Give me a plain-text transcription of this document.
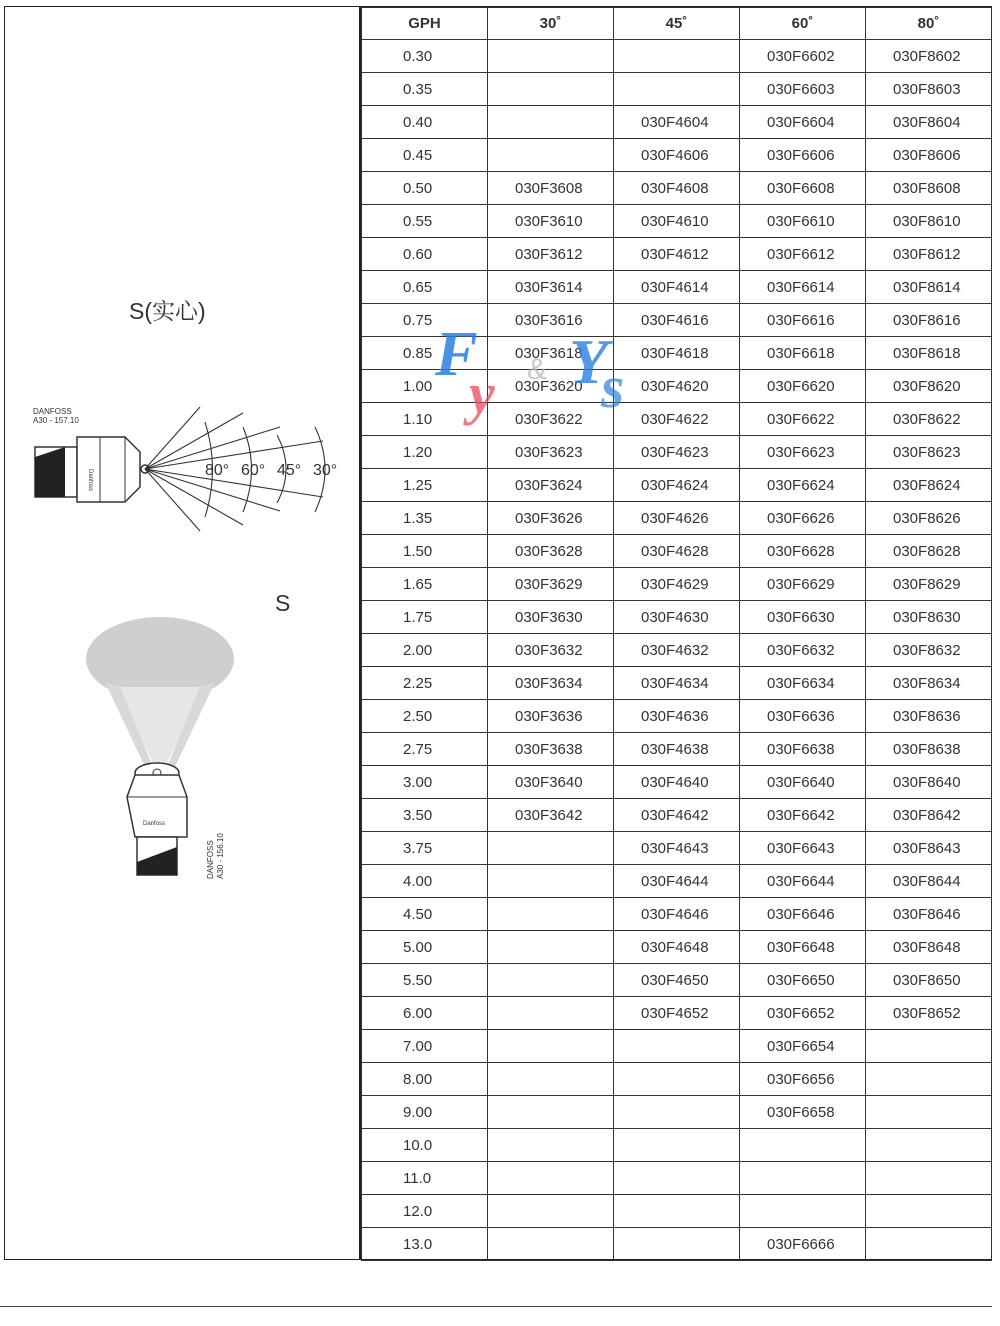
S(实心)
S
DANFOSS
A30 - 157.10
Danfoss	80° 60° 45° 30°
Danfoss
DANFOSS A30 - 156.10
GPH	30˚	45˚	60˚	80˚
0.30			030F6602	030F8602
0.35			030F6603	030F8603
0.40		030F4604	030F6604	030F8604
0.45		030F4606	030F6606	030F8606
0.50	030F3608	030F4608	030F6608	030F8608
0.55	030F3610	030F4610	030F6610	030F8610
0.60	030F3612	030F4612	030F6612	030F8612
0.65	030F3614	030F4614	030F6614	030F8614
0.75	030F3616	030F4616	030F6616	030F8616
0.85	030F3618	030F4618	030F6618	030F8618
1.00	030F3620	030F4620	030F6620	030F8620
1.10	030F3622	030F4622	030F6622	030F8622
1.20	030F3623	030F4623	030F6623	030F8623
1.25	030F3624	030F4624	030F6624	030F8624
1.35	030F3626	030F4626	030F6626	030F8626
1.50	030F3628	030F4628	030F6628	030F8628
1.65	030F3629	030F4629	030F6629	030F8629
1.75	030F3630	030F4630	030F6630	030F8630
2.00	030F3632	030F4632	030F6632	030F8632
2.25	030F3634	030F4634	030F6634	030F8634
2.50	030F3636	030F4636	030F6636	030F8636
2.75	030F3638	030F4638	030F6638	030F8638
3.00	030F3640	030F4640	030F6640	030F8640
3.50	030F3642	030F4642	030F6642	030F8642
3.75		030F4643	030F6643	030F8643
4.00		030F4644	030F6644	030F8644
4.50		030F4646	030F6646	030F8646
5.00		030F4648	030F6648	030F8648
5.50		030F4650	030F6650	030F8650
6.00		030F4652	030F6652	030F8652
7.00			030F6654	
8.00			030F6656	
9.00			030F6658	
10.0				
11.0				
12.0				
13.0			030F6666	
F
y & Y
s
